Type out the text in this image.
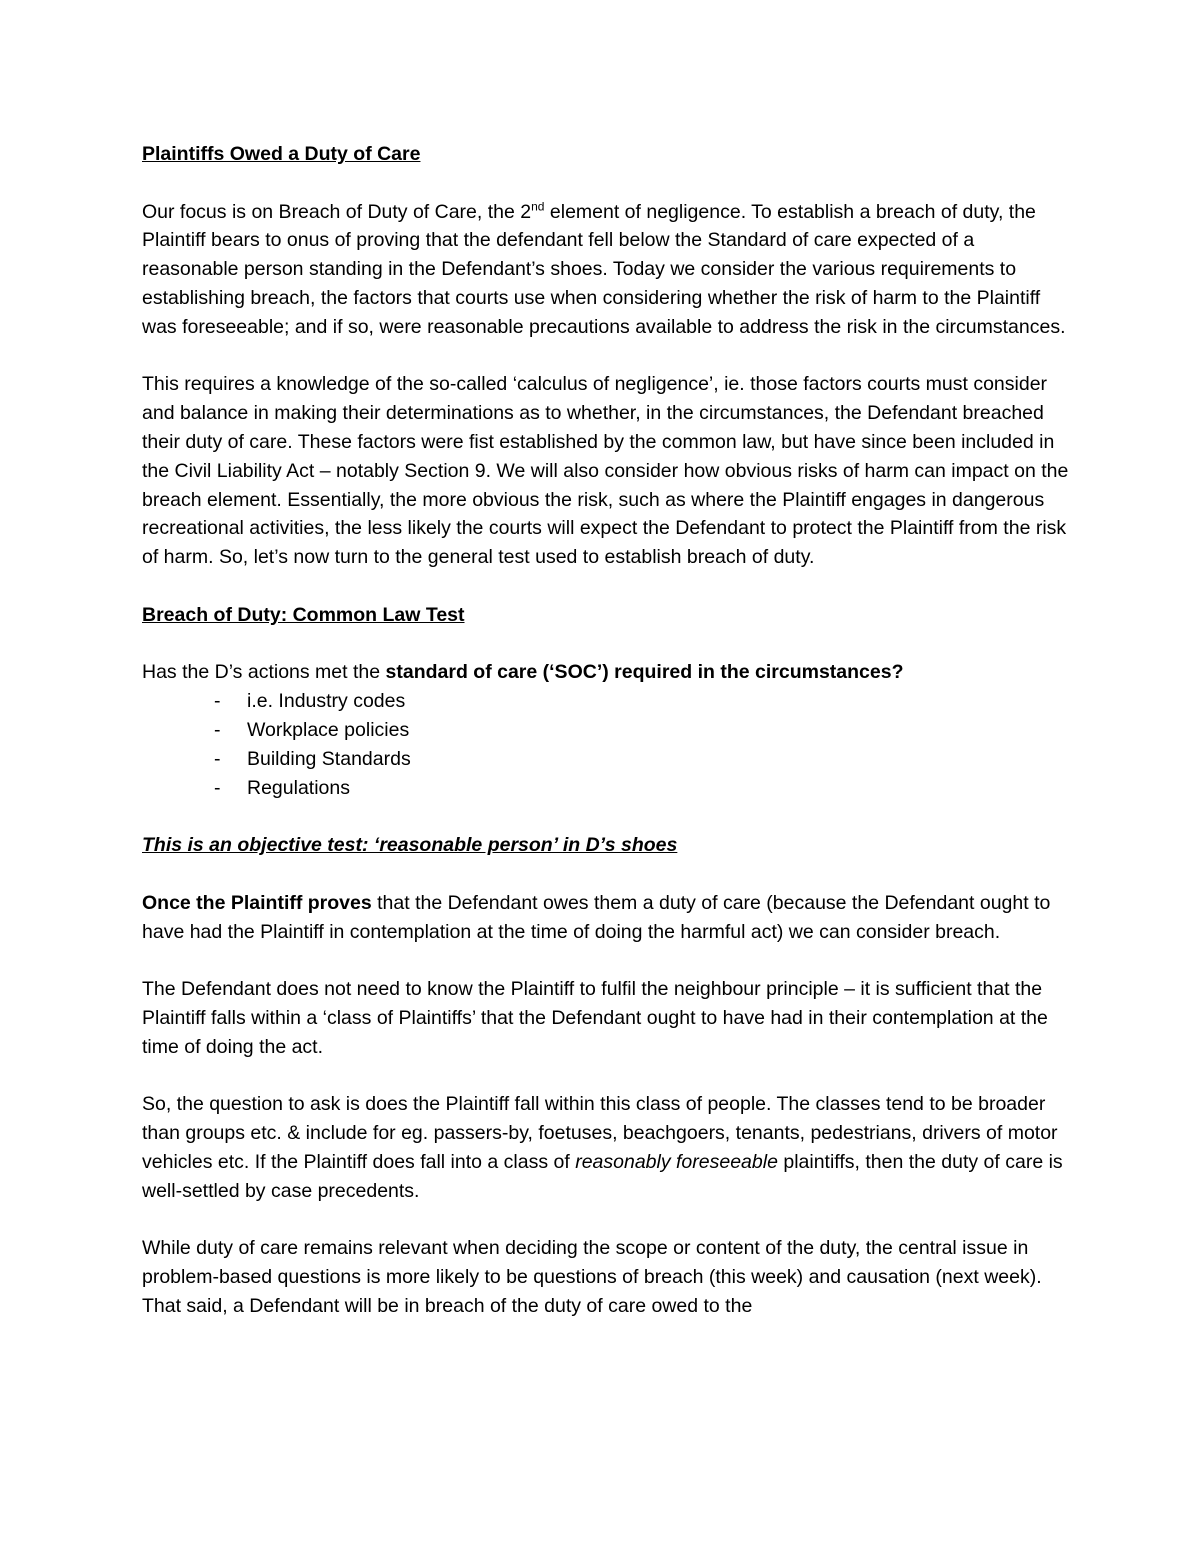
Plaintiffs Owed a Duty of Care

Our focus is on Breach of Duty of Care, the 2nd element of negligence. To establish a breach of duty, the Plaintiff bears to onus of proving that the defendant fell below the Standard of care expected of a reasonable person standing in the Defendant’s shoes. Today we consider the various requirements to establishing breach, the factors that courts use when considering whether the risk of harm to the Plaintiff was foreseeable; and if so, were reasonable precautions available to address the risk in the circumstances.

This requires a knowledge of the so-called ‘calculus of negligence’, ie. those factors courts must consider and balance in making their determinations as to whether, in the circumstances, the Defendant breached their duty of care. These factors were fist established by the common law, but have since been included in the Civil Liability Act – notably Section 9. We will also consider how obvious risks of harm can impact on the breach element. Essentially, the more obvious the risk, such as where the Plaintiff engages in dangerous recreational activities, the less likely the courts will expect the Defendant to protect the Plaintiff from the risk of harm. So, let’s now turn to the general test used to establish breach of duty.

Breach of Duty: Common Law Test

Has the D’s actions met the standard of care (‘SOC’) required in the circumstances?

- i.e. Industry codes
- Workplace policies
- Building Standards
- Regulations

This is an objective test: ‘reasonable person’ in D’s shoes

Once the Plaintiff proves that the Defendant owes them a duty of care (because the Defendant ought to have had the Plaintiff in contemplation at the time of doing the harmful act) we can consider breach.

The Defendant does not need to know the Plaintiff to fulfil the neighbour principle – it is sufficient that the Plaintiff falls within a ‘class of Plaintiffs’ that the Defendant ought to have had in their contemplation at the time of doing the act.

So, the question to ask is does the Plaintiff fall within this class of people. The classes tend to be broader than groups etc. & include for eg. passers-by, foetuses, beachgoers, tenants, pedestrians, drivers of motor vehicles etc. If the Plaintiff does fall into a class of reasonably foreseeable plaintiffs, then the duty of care is well-settled by case precedents.

While duty of care remains relevant when deciding the scope or content of the duty, the central issue in problem-based questions is more likely to be questions of breach (this week) and causation (next week). That said, a Defendant will be in breach of the duty of care owed to the
